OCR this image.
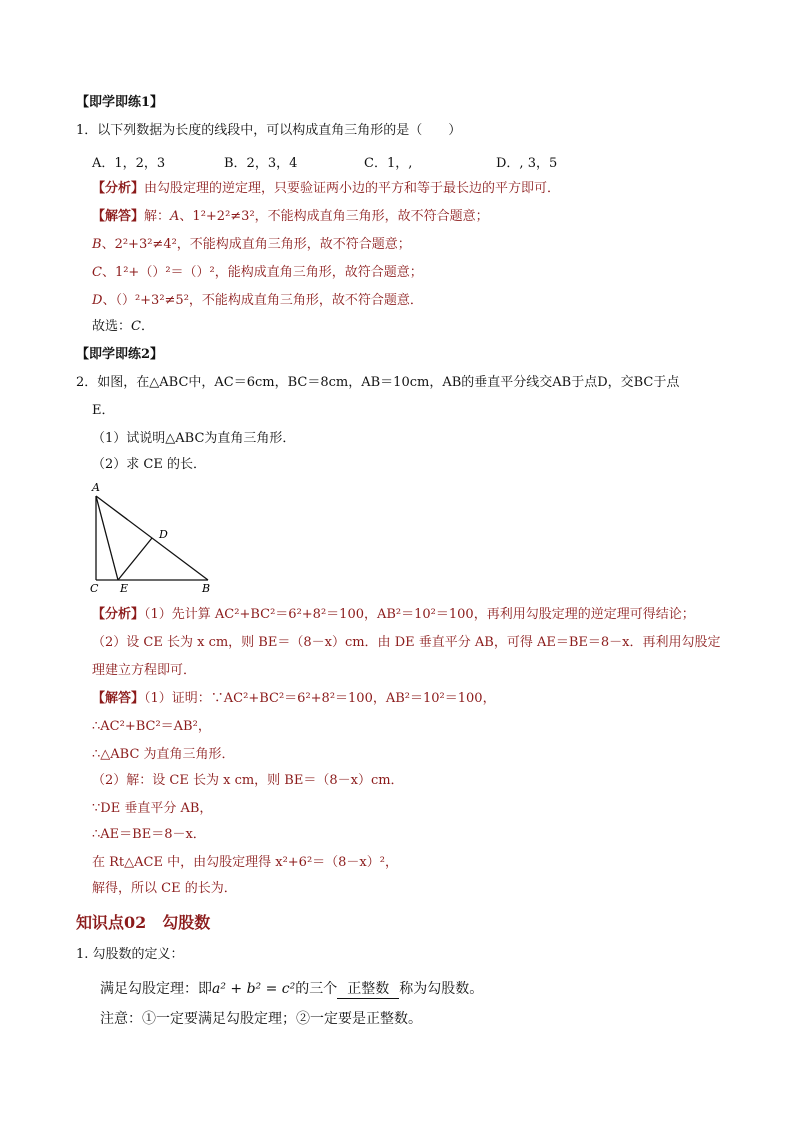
【即学即练1】
1．以下列数据为长度的线段中，可以构成直角三角形的是（　　）
A．1，2，3	B．2，3，4	C．1，,	D．, 3，5
【分析】由勾股定理的逆定理，只要验证两小边的平方和等于最长边的平方即可．
【解答】解：A、1²+2²≠3²，不能构成直角三角形，故不符合题意；
B、2²+3²≠4²，不能构成直角三角形，故不符合题意；
C、1²+（）²＝（）²，能构成直角三角形，故符合题意；
D、（）²+3²≠5²，不能构成直角三角形，故不符合题意．
故选：C．
【即学即练2】
2．如图，在△ABC中，AC＝6cm，BC＝8cm，AB＝10cm，AB的垂直平分线交AB于点D，交BC于点
E．
（1）试说明△ABC为直角三角形．
（2）求 CE 的长．
A
C E	B
D
【分析】（1）先计算 AC²+BC²＝6²+8²＝100，AB²＝10²＝100，再利用勾股定理的逆定理可得结论；
（2）设 CE 长为 x cm，则 BE＝（8－x）cm．由 DE 垂直平分 AB，可得 AE＝BE＝8－x．再利用勾股定
理建立方程即可．
【解答】（1）证明：∵AC²+BC²＝6²+8²＝100，AB²＝10²＝100，
∴AC²+BC²＝AB²，
∴△ABC 为直角三角形．
（2）解：设 CE 长为 x cm，则 BE＝（8－x）cm．
∵DE 垂直平分 AB，
∴AE＝BE＝8－x．
在 Rt△ACE 中，由勾股定理得 x²+6²＝（8－x）²，
解得，所以 CE 的长为．
知识点02　勾股数
1. 勾股数的定义：
满足勾股定理：即a² + b² = c²的三个 正整数 称为勾股数。
注意：①一定要满足勾股定理；②一定要是正整数。
